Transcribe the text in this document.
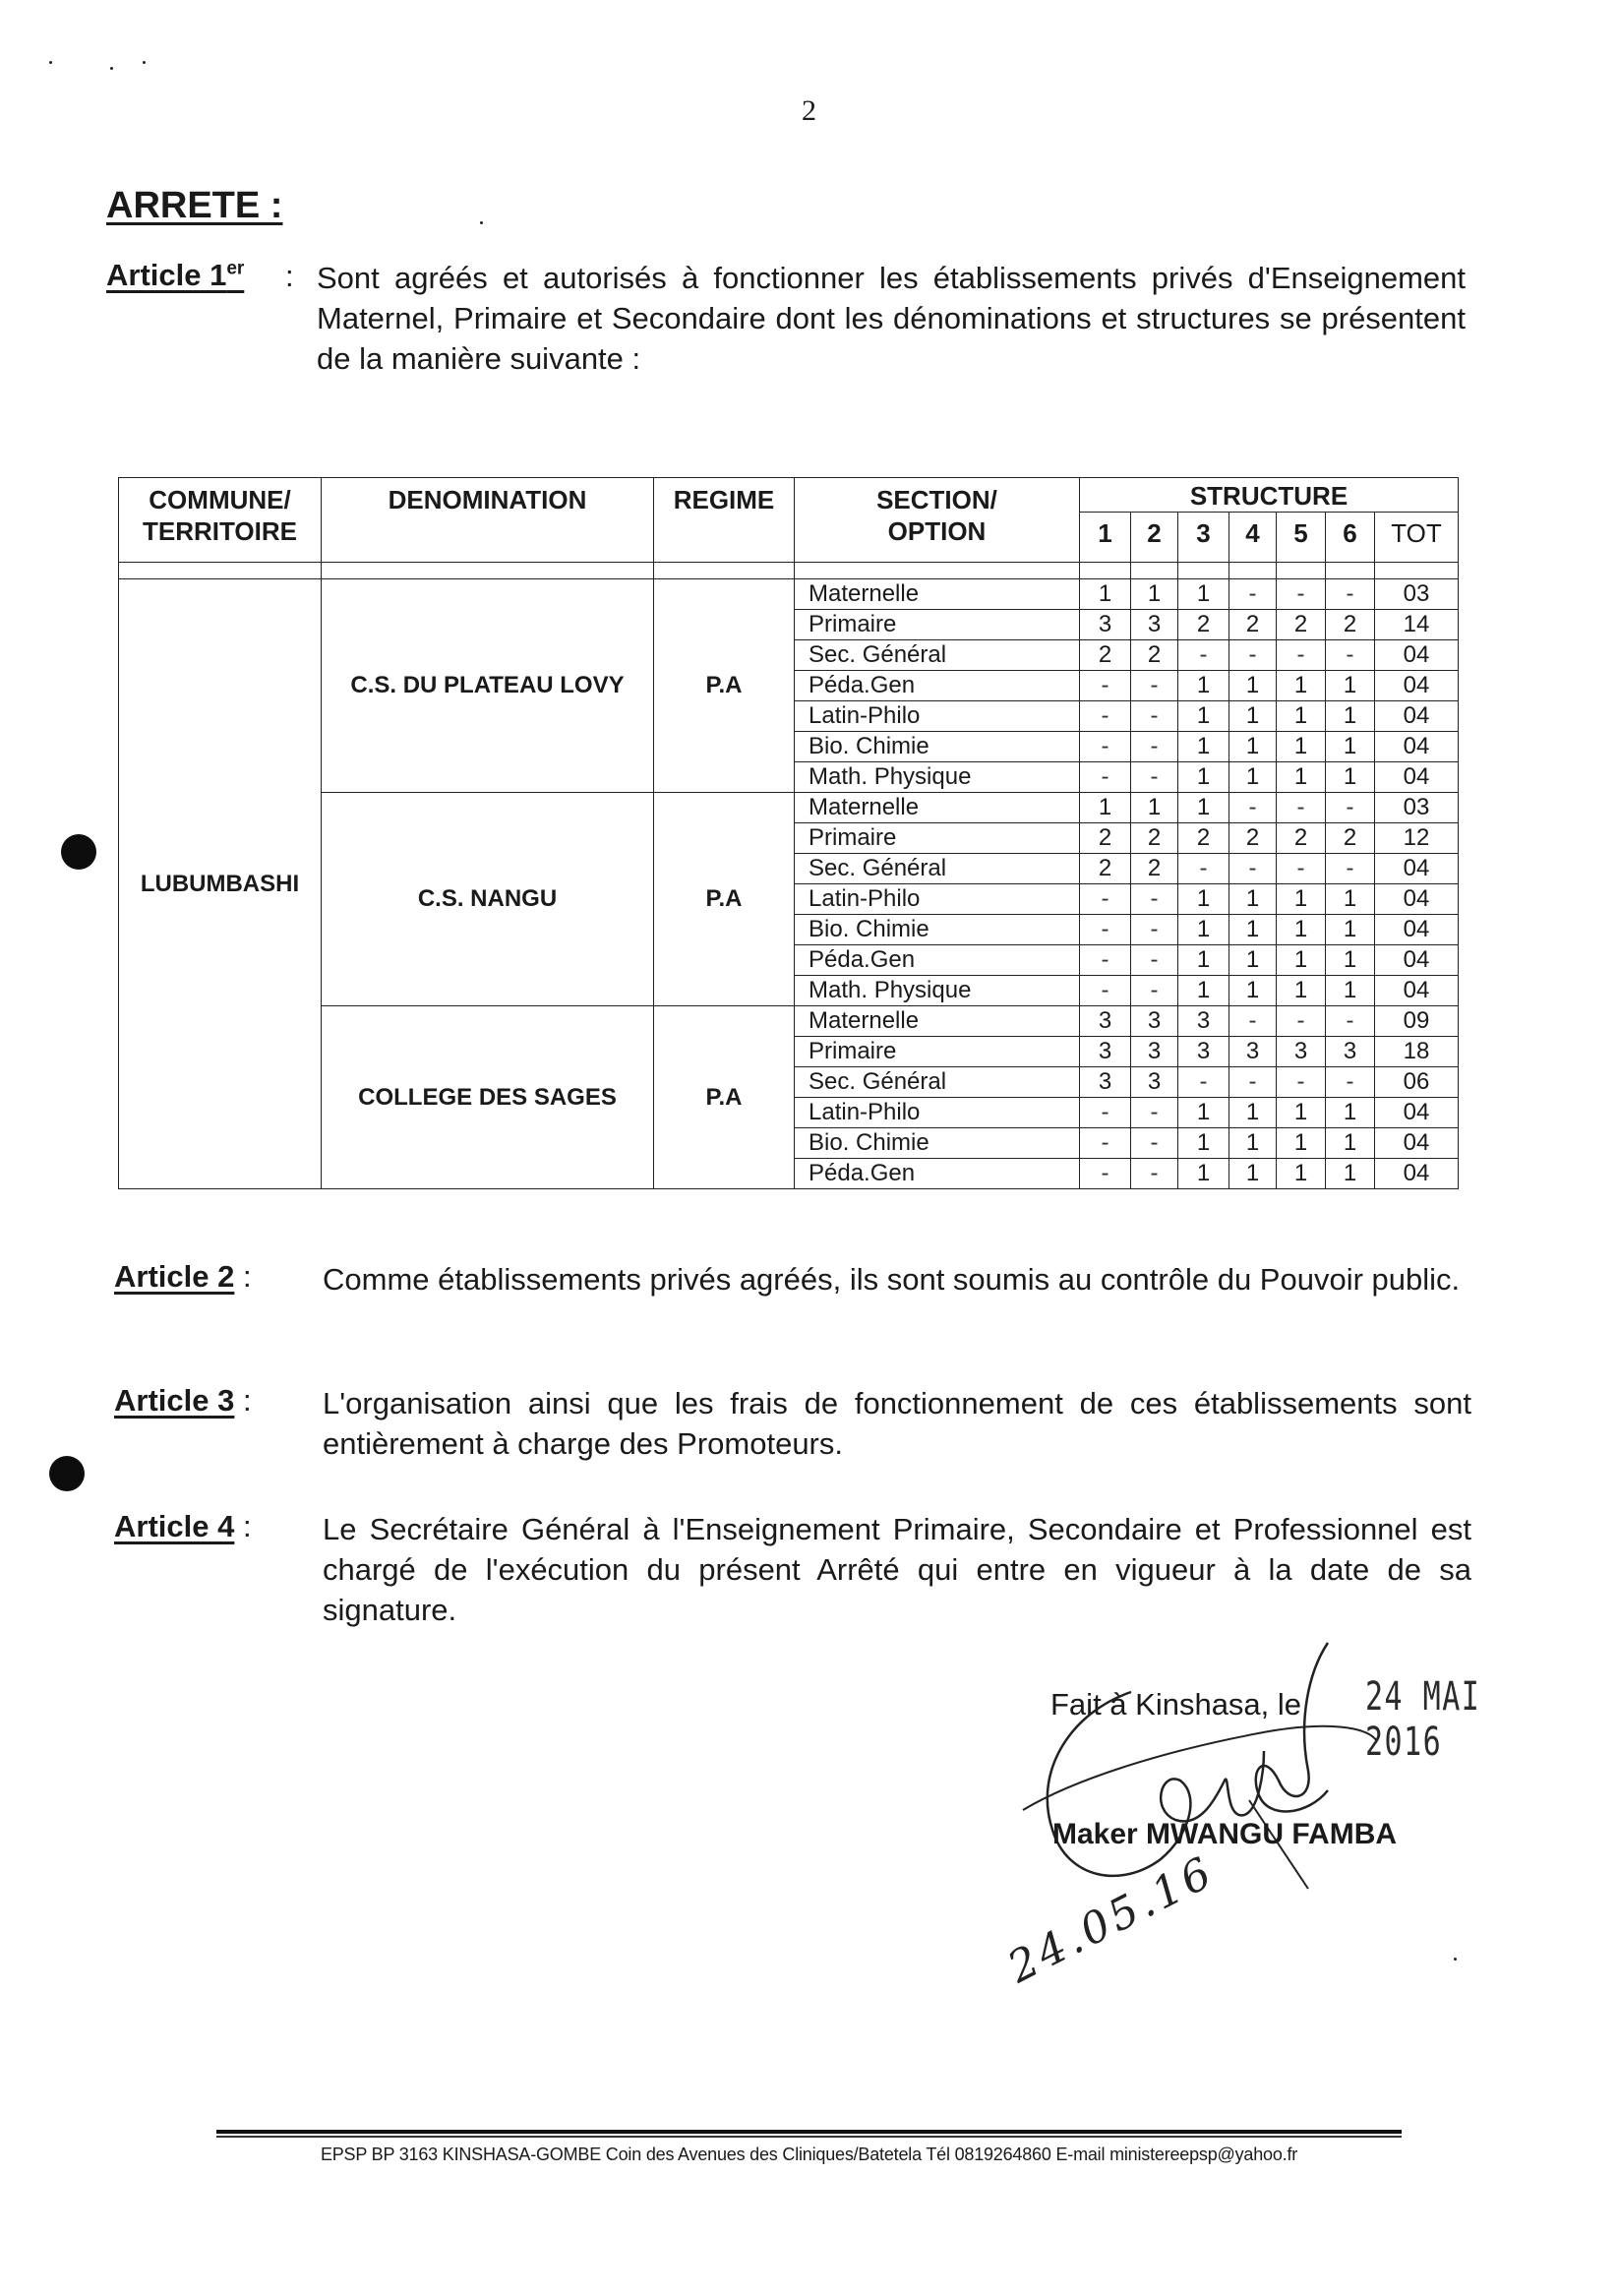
2
ARRETE :
Article 1er : Sont agréés et autorisés à fonctionner les établissements privés d'Enseignement Maternel, Primaire et Secondaire dont les dénominations et structures se présentent de la manière suivante :
COMMUNE/ TERRITOIRE	DENOMINATION	REGIME	SECTION/ OPTION	STRUCTURE						
				1	2	3	4	5	6	TOT

LUBUMBASHI	C.S. DU PLATEAU LOVY	P.A	Maternelle	1	1	1	-	-	-	03
			Primaire	3	3	2	2	2	2	14
			Sec. Général	2	2	-	-	-	-	04
			Péda.Gen	-	-	1	1	1	1	04
			Latin-Philo	-	-	1	1	1	1	04
			Bio. Chimie	-	-	1	1	1	1	04
			Math. Physique	-	-	1	1	1	1	04
	C.S. NANGU	P.A	Maternelle	1	1	1	-	-	-	03
			Primaire	2	2	2	2	2	2	12
			Sec. Général	2	2	-	-	-	-	04
			Latin-Philo	-	-	1	1	1	1	04
			Bio. Chimie	-	-	1	1	1	1	04
			Péda.Gen	-	-	1	1	1	1	04
			Math. Physique	-	-	1	1	1	1	04
	COLLEGE DES SAGES	P.A	Maternelle	3	3	3	-	-	-	09
			Primaire	3	3	3	3	3	3	18
			Sec. Général	3	3	-	-	-	-	06
			Latin-Philo	-	-	1	1	1	1	04
			Bio. Chimie	-	-	1	1	1	1	04
			Péda.Gen	-	-	1	1	1	1	04
Article 2 : Comme établissements privés agréés, ils sont soumis au contrôle du Pouvoir public.
Article 3 : L'organisation ainsi que les frais de fonctionnement de ces établissements sont entièrement à charge des Promoteurs.
Article 4 : Le Secrétaire Général à l'Enseignement Primaire, Secondaire et Professionnel est chargé de l'exécution du présent Arrêté qui entre en vigueur à la date de sa signature.
Fait à Kinshasa, le 24 MAI 2016
Maker MWANGU FAMBA
24.05.16
EPSP BP 3163 KINSHASA-GOMBE Coin des Avenues des Cliniques/Batetela Tél 0819264860 E-mail ministereepsp@yahoo.fr
